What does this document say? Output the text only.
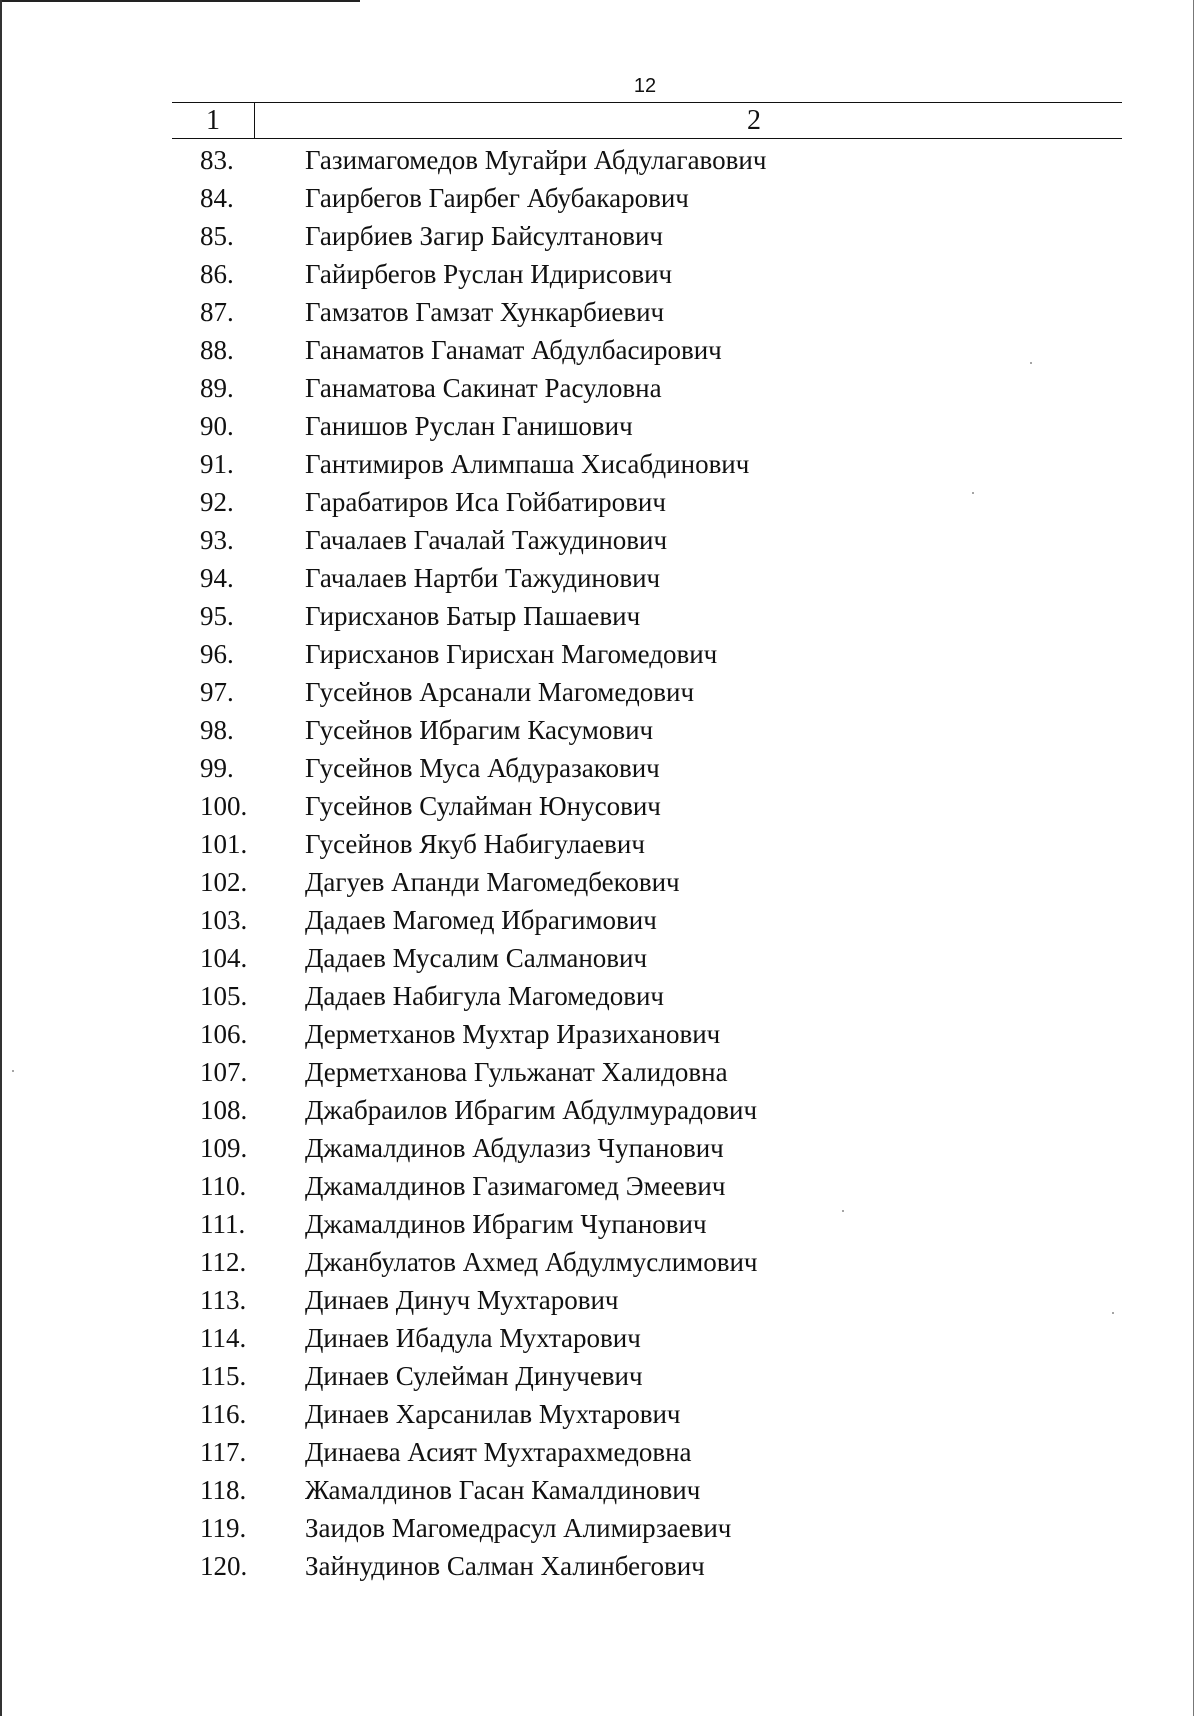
12
1	2
83.	Газимагомедов Мугайри Абдулагавович
84.	Гаирбегов Гаирбег Абубакарович
85.	Гаирбиев Загир Байсултанович
86.	Гайирбегов Руслан Идирисович
87.	Гамзатов Гамзат Хункарбиевич
88.	Ганаматов Ганамат Абдулбасирович
89.	Ганаматова Сакинат Расуловна
90.	Ганишов Руслан Ганишович
91.	Гантимиров Алимпаша Хисабдинович
92.	Гарабатиров Иса Гойбатирович
93.	Гачалаев Гачалай Тажудинович
94.	Гачалаев Нартби Тажудинович
95.	Гирисханов Батыр Пашаевич
96.	Гирисханов Гирисхан Магомедович
97.	Гусейнов Арсанали Магомедович
98.	Гусейнов Ибрагим Касумович
99.	Гусейнов Муса Абдуразакович
100. Гусейнов Сулайман Юнусович
101. Гусейнов Якуб Набигулаевич
102. Дагуев Апанди Магомедбекович
103. Дадаев Магомед Ибрагимович
104. Дадаев Мусалим Салманович
105. Дадаев Набигула Магомедович
106. Дерметханов Мухтар Иразиханович
107. Дерметханова Гульжанат Халидовна
108. Джабраилов Ибрагим Абдулмурадович
109. Джамалдинов Абдулазиз Чупанович
110. Джамалдинов Газимагомед Эмеевич
111. Джамалдинов Ибрагим Чупанович
112. Джанбулатов Ахмед Абдулмуслимович
113. Динаев Динуч Мухтарович
114. Динаев Ибадула Мухтарович
115. Динаев Сулейман Динучевич
116. Динаев Харсанилав Мухтарович
117. Динаева Асият Мухтарахмедовна
118. Жамалдинов Гасан Камалдинович
119. Заидов Магомедрасул Алимирзаевич
120. Зайнудинов Салман Халинбегович
